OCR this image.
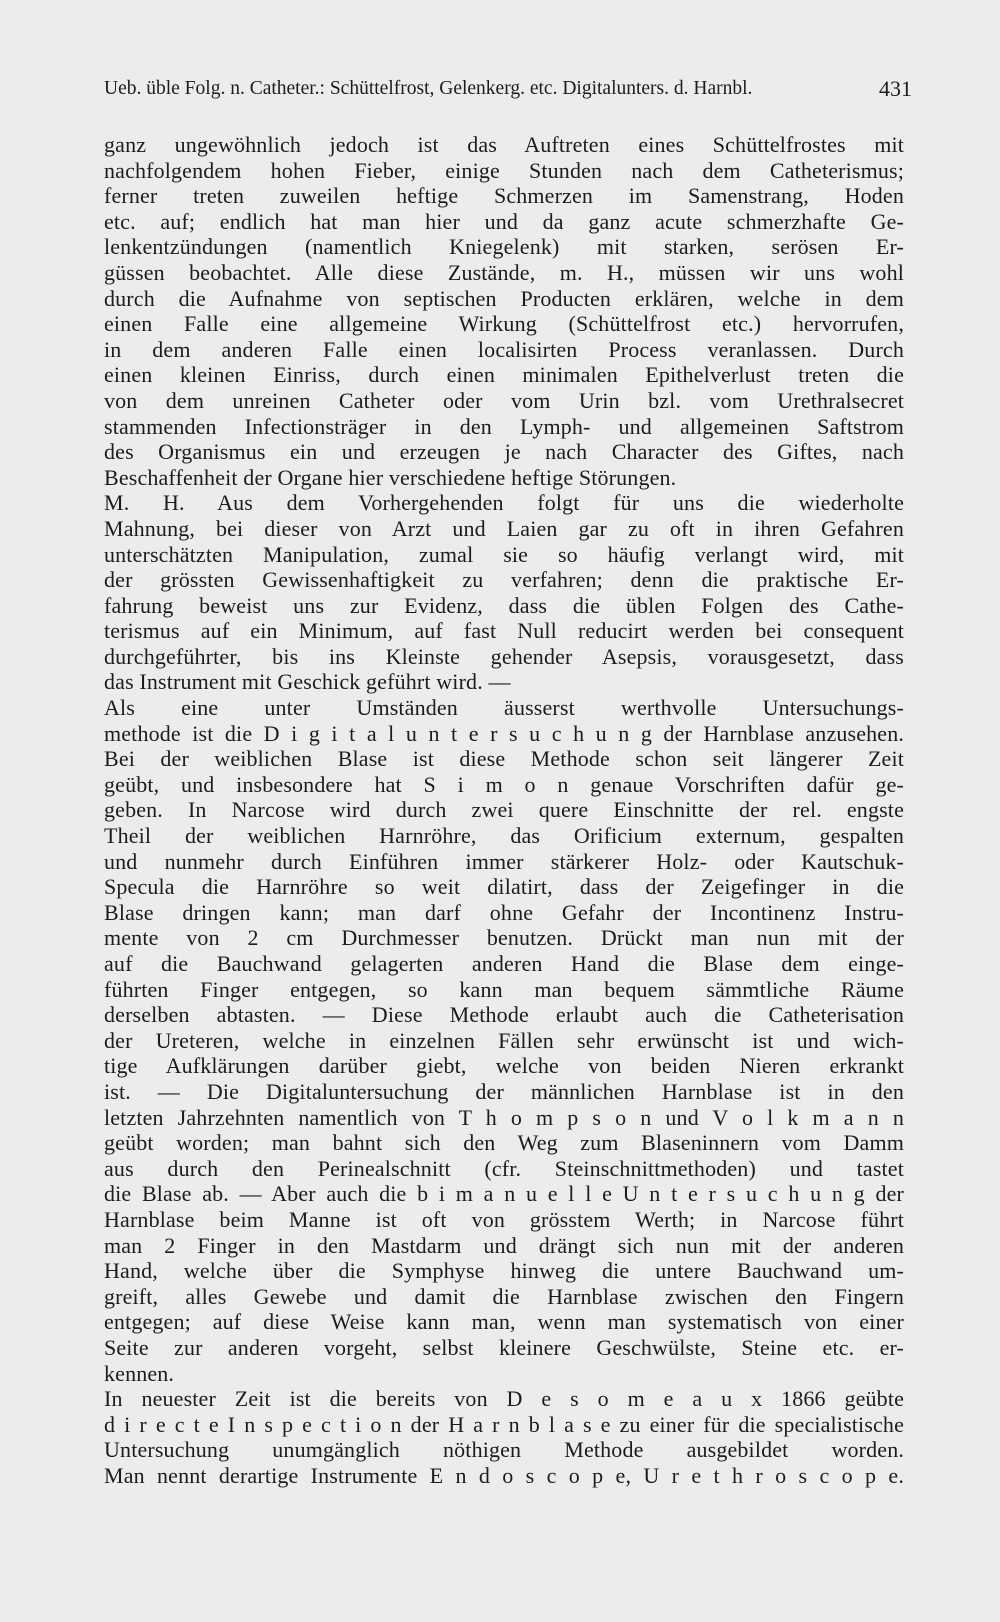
Ueb. üble Folg. n. Catheter.: Schüttelfrost, Gelenkerg. etc. Digitalunters. d. Harnbl.	431
ganz ungewöhnlich jedoch ist das Auftreten eines Schüttelfrostes mit
nachfolgendem hohen Fieber, einige Stunden nach dem Catheterismus;
ferner treten zuweilen heftige Schmerzen im Samenstrang, Hoden
etc. auf; endlich hat man hier und da ganz acute schmerzhafte Ge-
lenkentzündungen (namentlich Kniegelenk) mit starken, serösen Er-
güssen beobachtet. Alle diese Zustände, m. H., müssen wir uns wohl
durch die Aufnahme von septischen Producten erklären, welche in dem
einen Falle eine allgemeine Wirkung (Schüttelfrost etc.) hervorrufen,
in dem anderen Falle einen localisirten Process veranlassen. Durch
einen kleinen Einriss, durch einen minimalen Epithelverlust treten die
von dem unreinen Catheter oder vom Urin bzl. vom Urethralsecret
stammenden Infectionsträger in den Lymph- und allgemeinen Saftstrom
des Organismus ein und erzeugen je nach Character des Giftes, nach
Beschaffenheit der Organe hier verschiedene heftige Störungen.
M. H. Aus dem Vorhergehenden folgt für uns die wiederholte
Mahnung, bei dieser von Arzt und Laien gar zu oft in ihren Gefahren
unterschätzten Manipulation, zumal sie so häufig verlangt wird, mit
der grössten Gewissenhaftigkeit zu verfahren; denn die praktische Er-
fahrung beweist uns zur Evidenz, dass die üblen Folgen des Cathe-
terismus auf ein Minimum, auf fast Null reducirt werden bei consequent
durchgeführter, bis ins Kleinste gehender Asepsis, vorausgesetzt, dass
das Instrument mit Geschick geführt wird. —
Als eine unter Umständen äusserst werthvolle Untersuchungs-
methode ist die D i g i t a l u n t e r s u c h u n g der Harnblase anzusehen.
Bei der weiblichen Blase ist diese Methode schon seit längerer Zeit
geübt, und insbesondere hat S i m o n genaue Vorschriften dafür ge-
geben. In Narcose wird durch zwei quere Einschnitte der rel. engste
Theil der weiblichen Harnröhre, das Orificium externum, gespalten
und nunmehr durch Einführen immer stärkerer Holz- oder Kautschuk-
Specula die Harnröhre so weit dilatirt, dass der Zeigefinger in die
Blase dringen kann; man darf ohne Gefahr der Incontinenz Instru-
mente von 2 cm Durchmesser benutzen. Drückt man nun mit der
auf die Bauchwand gelagerten anderen Hand die Blase dem einge-
führten Finger entgegen, so kann man bequem sämmtliche Räume
derselben abtasten. — Diese Methode erlaubt auch die Catheterisation
der Ureteren, welche in einzelnen Fällen sehr erwünscht ist und wich-
tige Aufklärungen darüber giebt, welche von beiden Nieren erkrankt
ist. — Die Digitaluntersuchung der männlichen Harnblase ist in den
letzten Jahrzehnten namentlich von T h o m p s o n und V o l k m a n n
geübt worden; man bahnt sich den Weg zum Blaseninnern vom Damm
aus durch den Perinealschnitt (cfr. Steinschnittmethoden) und tastet
die Blase ab. — Aber auch die b i m a n u e l l e U n t e r s u c h u n g der
Harnblase beim Manne ist oft von grösstem Werth; in Narcose führt
man 2 Finger in den Mastdarm und drängt sich nun mit der anderen
Hand, welche über die Symphyse hinweg die untere Bauchwand um-
greift, alles Gewebe und damit die Harnblase zwischen den Fingern
entgegen; auf diese Weise kann man, wenn man systematisch von einer
Seite zur anderen vorgeht, selbst kleinere Geschwülste, Steine etc. er-
kennen.
In neuester Zeit ist die bereits von D e s o m e a u x 1866 geübte
d i r e c t e I n s p e c t i o n der H a r n b l a s e zu einer für die specialistische
Untersuchung unumgänglich nöthigen Methode ausgebildet worden.
Man nennt derartige Instrumente E n d o s c o p e, U r e t h r o s c o p e.
